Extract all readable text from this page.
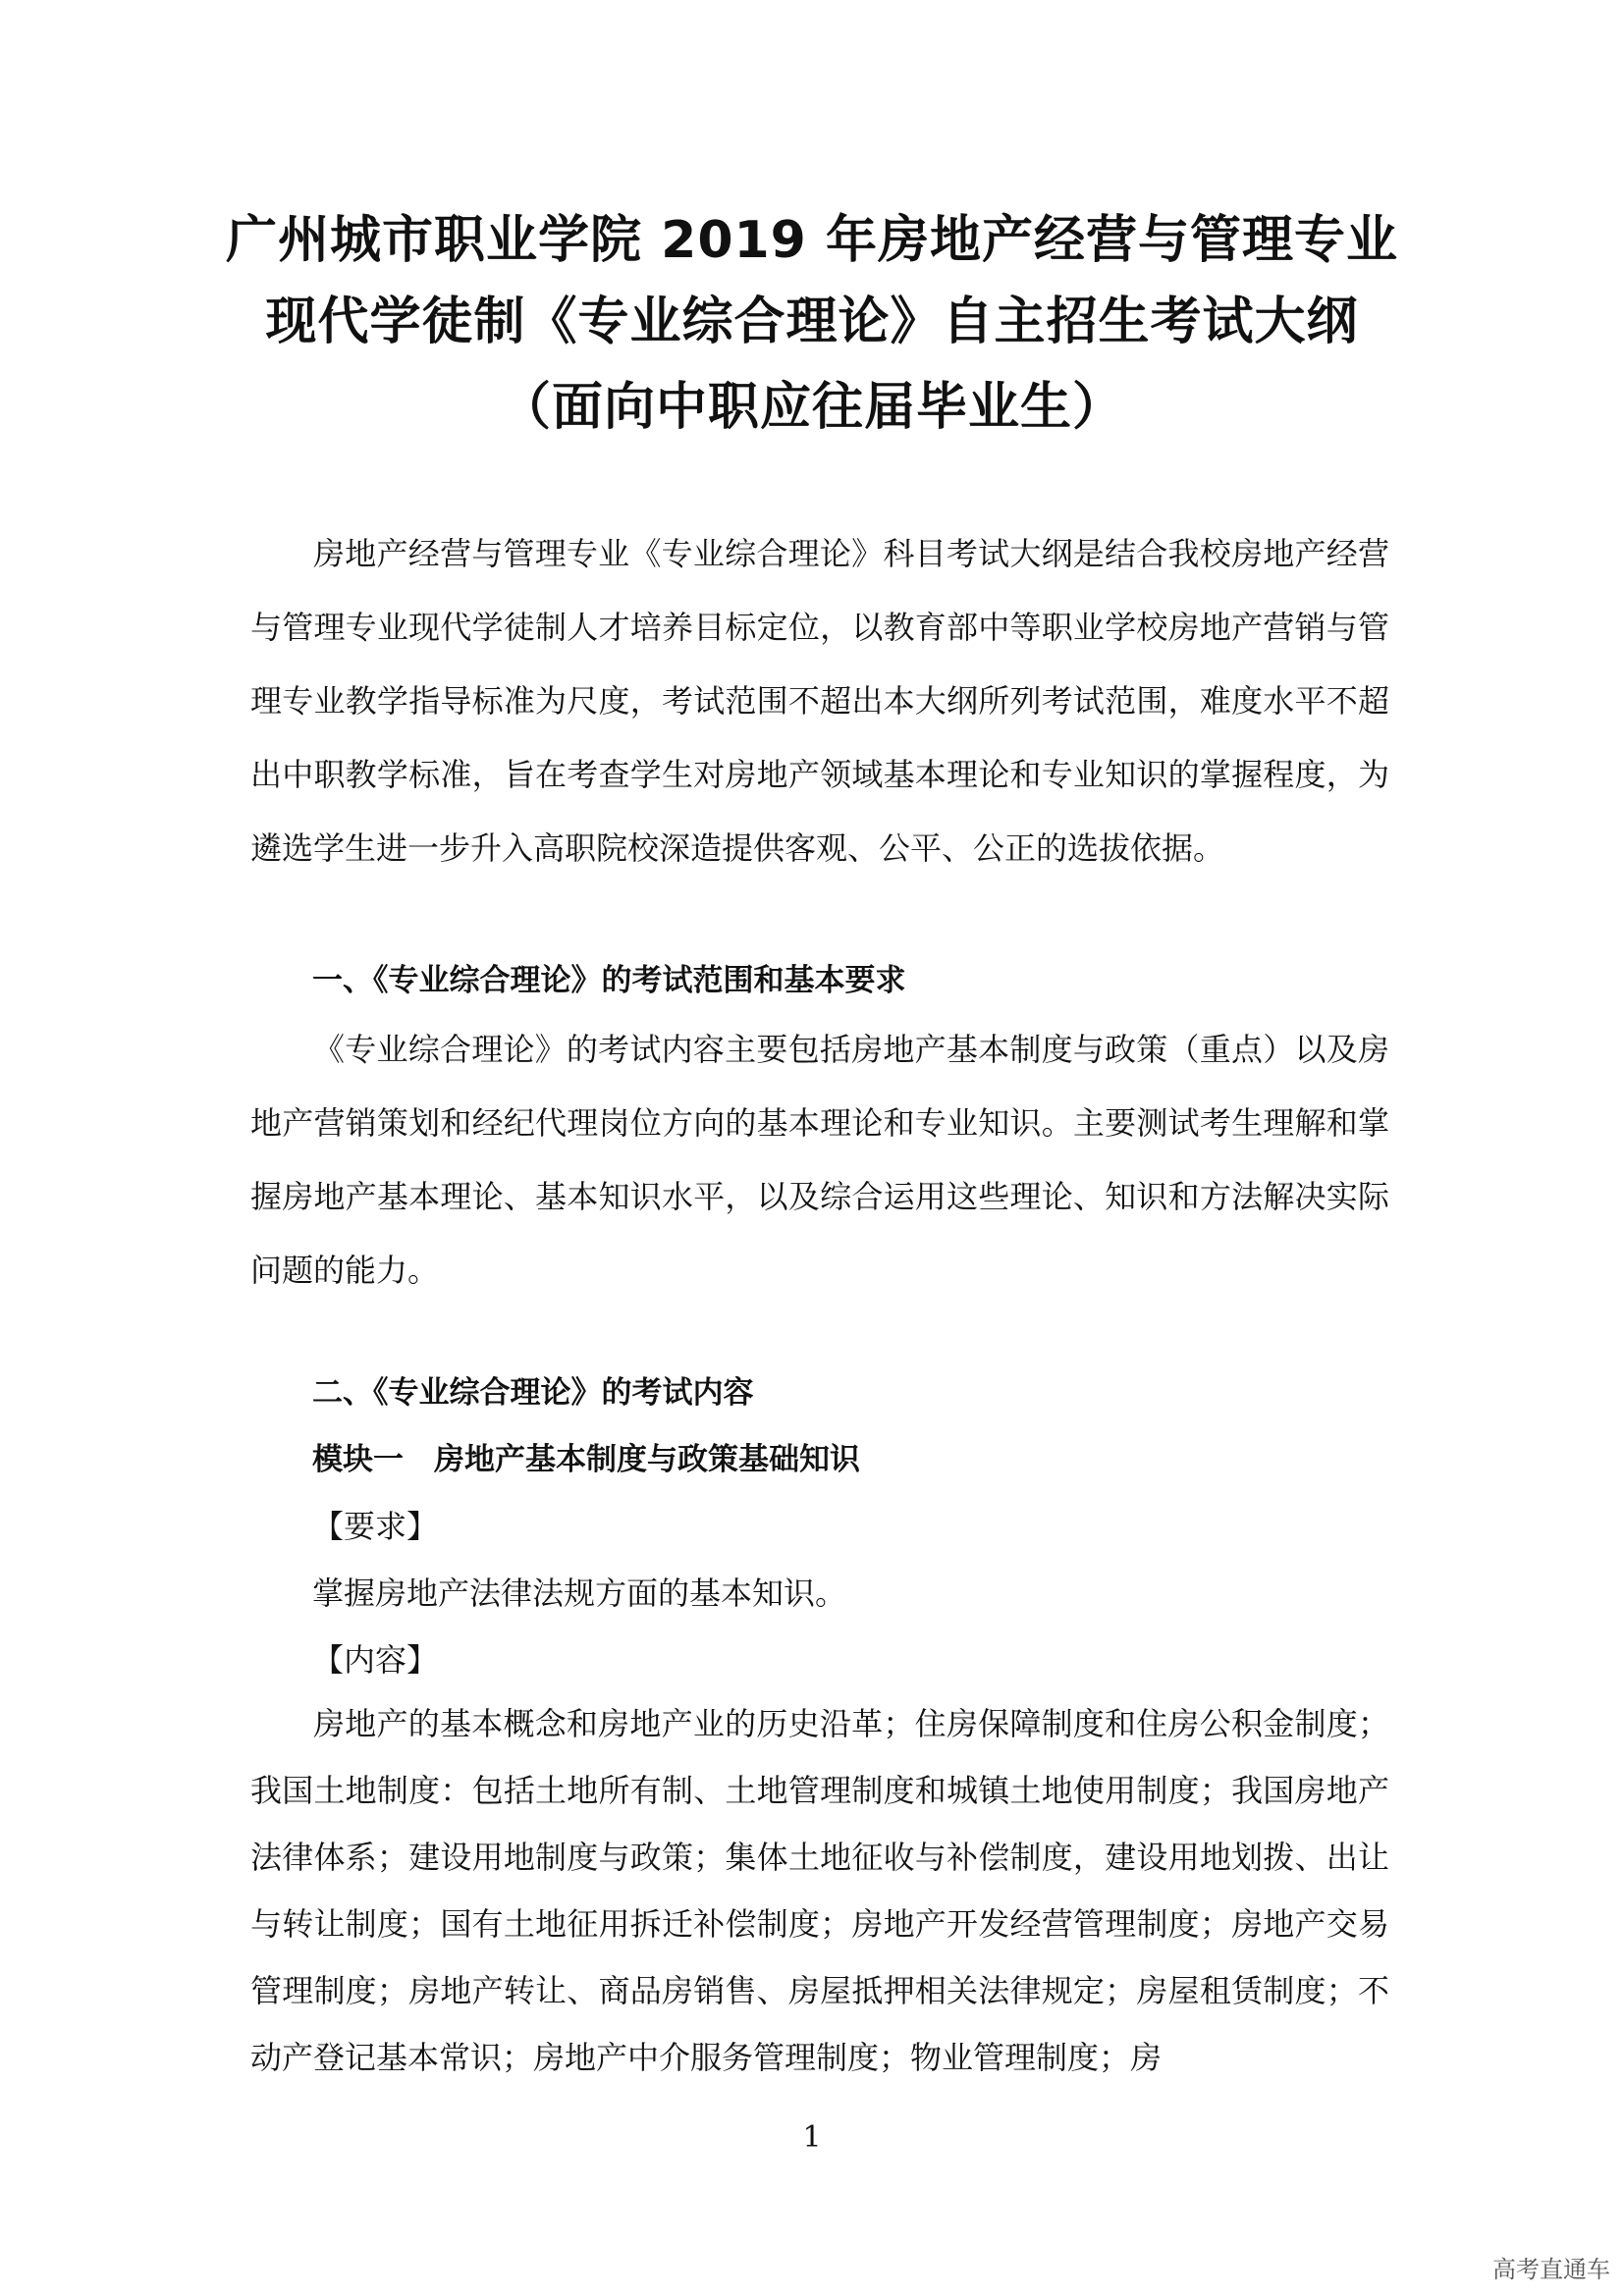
广州城市职业学院 2019 年房地产经营与管理专业
现代学徒制《专业综合理论》自主招生考试大纲
（面向中职应往届毕业生）

房地产经营与管理专业《专业综合理论》科目考试大纲是结合我校房地产经营与管理专业现代学徒制人才培养目标定位，以教育部中等职业学校房地产营销与管理专业教学指导标准为尺度，考试范围不超出本大纲所列考试范围，难度水平不超出中职教学标准，旨在考查学生对房地产领域基本理论和专业知识的掌握程度，为遴选学生进一步升入高职院校深造提供客观、公平、公正的选拔依据。

一、《专业综合理论》的考试范围和基本要求

《专业综合理论》的考试内容主要包括房地产基本制度与政策（重点）以及房地产营销策划和经纪代理岗位方向的基本理论和专业知识。主要测试考生理解和掌握房地产基本理论、基本知识水平，以及综合运用这些理论、知识和方法解决实际问题的能力。

二、《专业综合理论》的考试内容
模块一　房地产基本制度与政策基础知识
【要求】
掌握房地产法律法规方面的基本知识。
【内容】

房地产的基本概念和房地产业的历史沿革；住房保障制度和住房公积金制度；我国土地制度：包括土地所有制、土地管理制度和城镇土地使用制度；我国房地产法律体系；建设用地制度与政策；集体土地征收与补偿制度，建设用地划拨、出让与转让制度；国有土地征用拆迁补偿制度；房地产开发经营管理制度；房地产交易管理制度；房地产转让、商品房销售、房屋抵押相关法律规定；房屋租赁制度；不动产登记基本常识；房地产中介服务管理制度；物业管理制度；房

1
高考直通车
